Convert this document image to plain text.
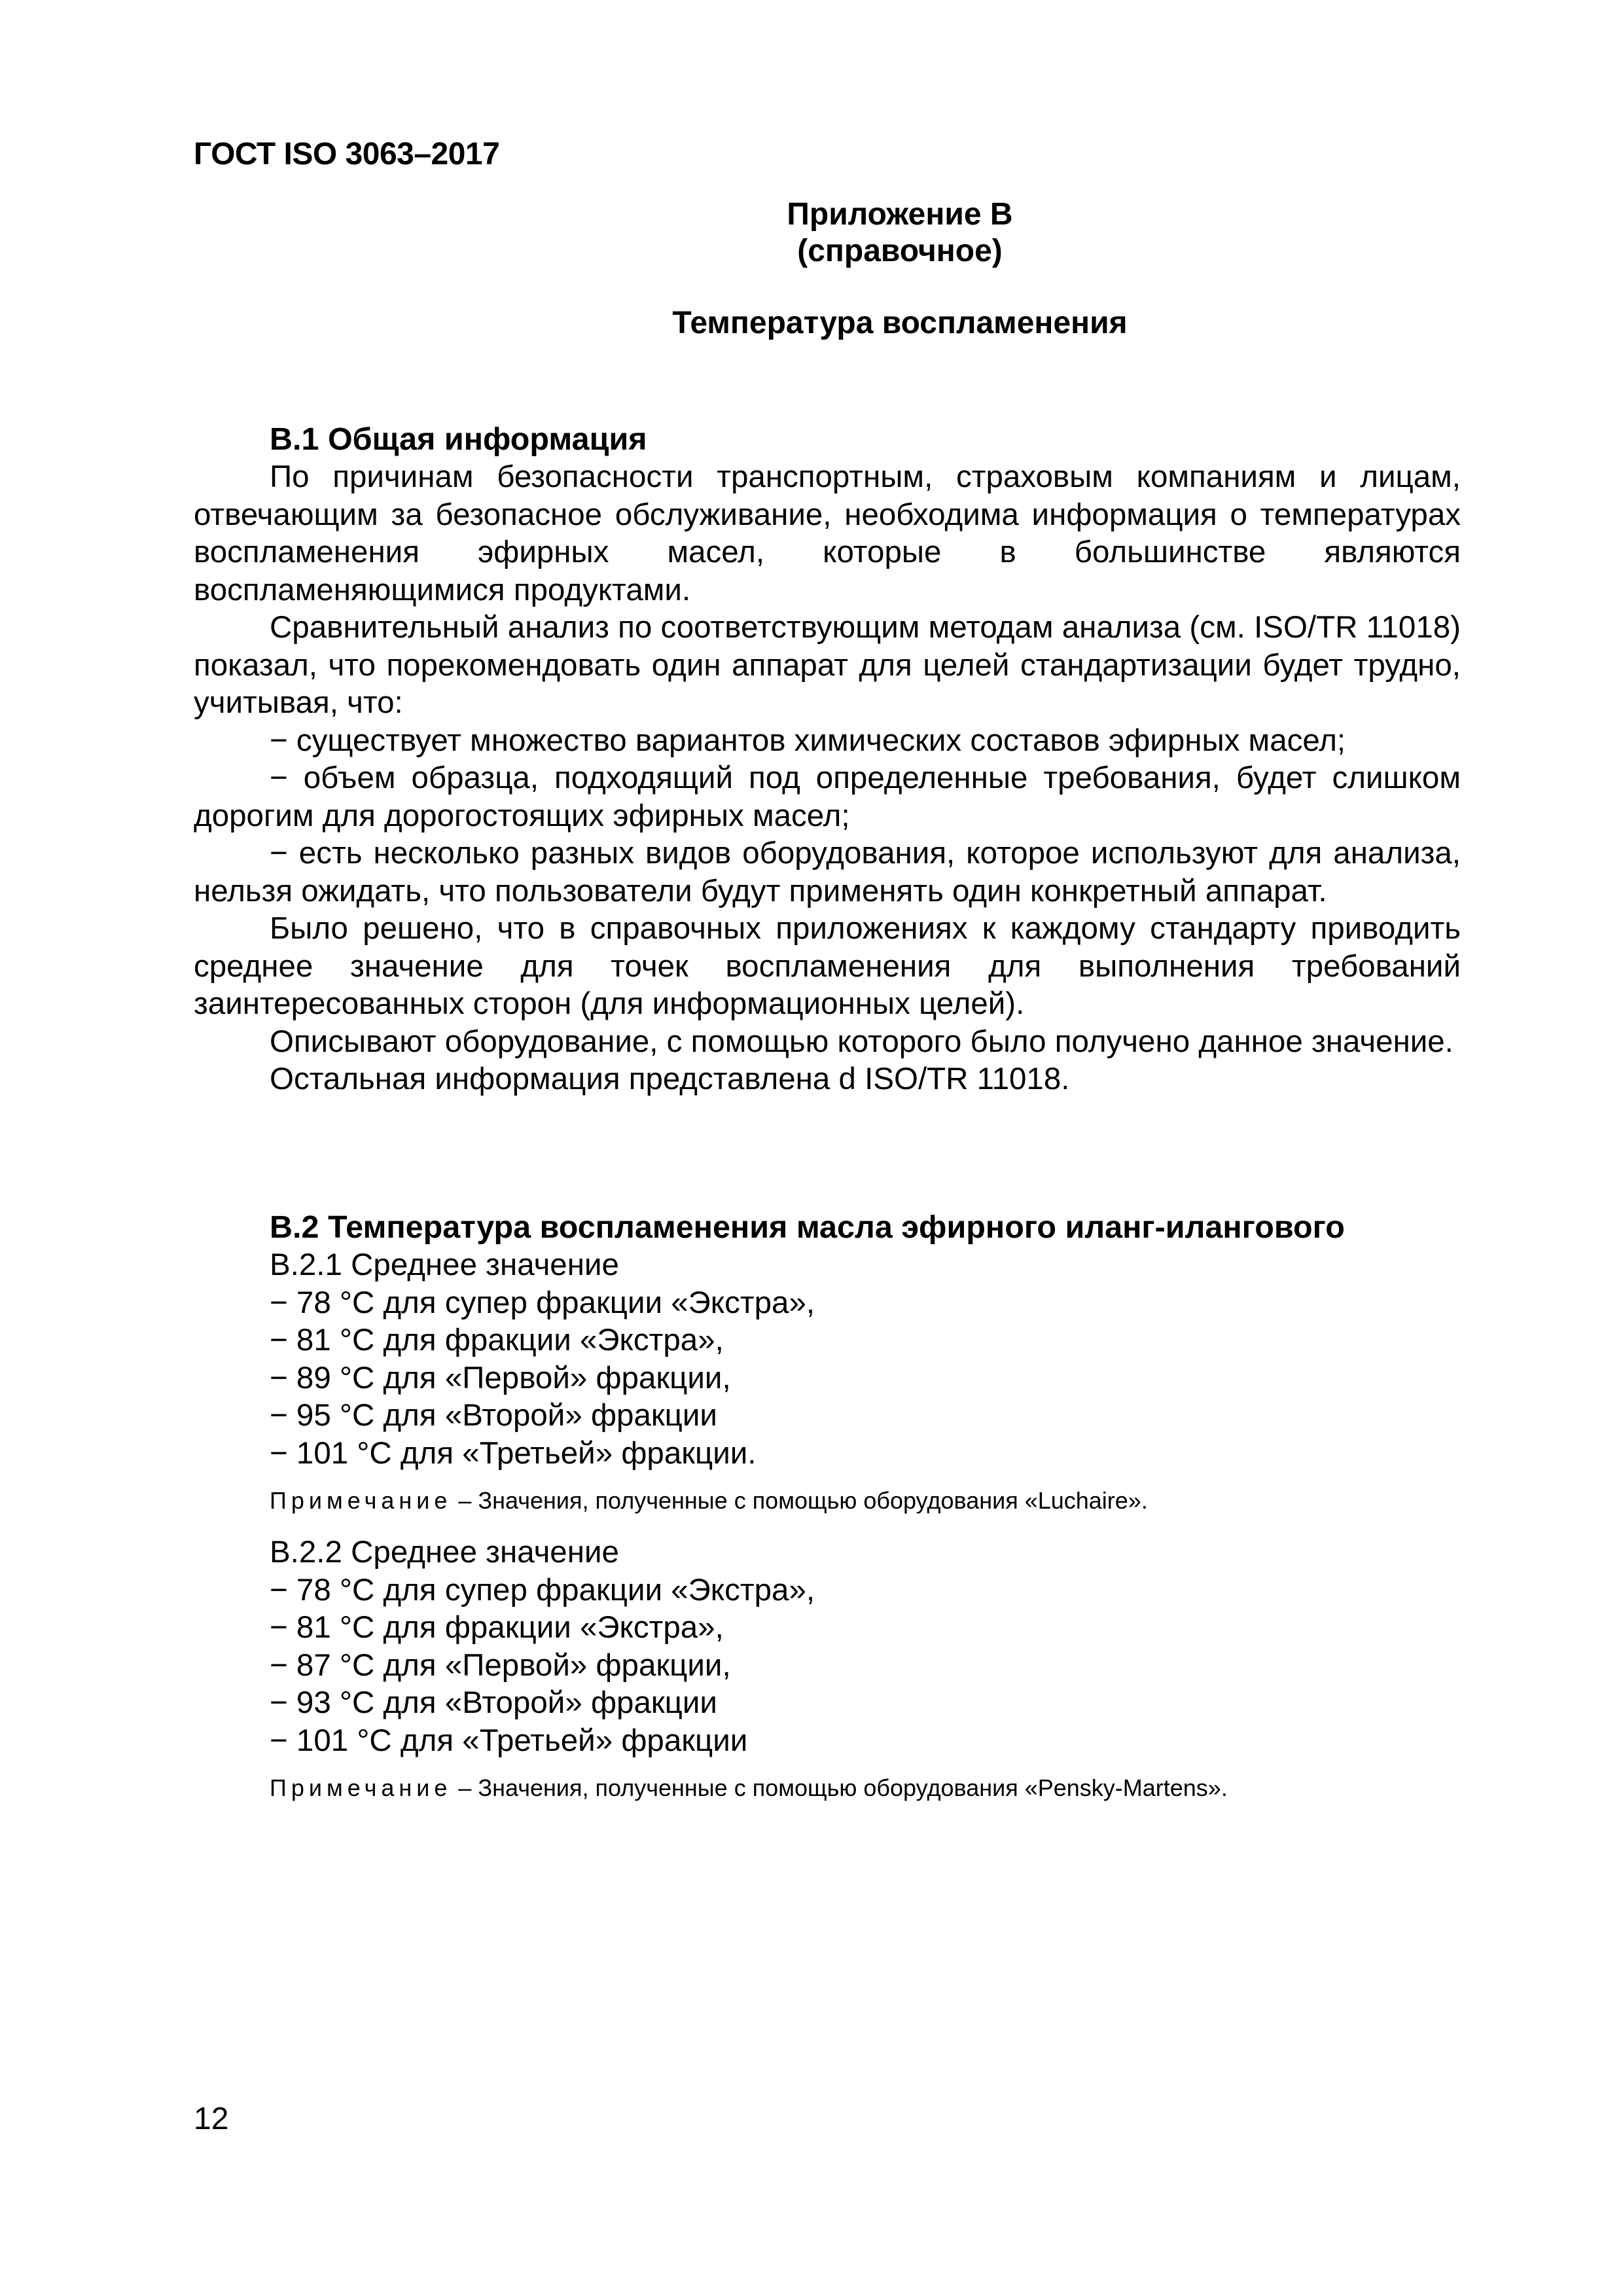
ГОСТ ISO 3063–2017
Приложение В
(справочное)
Температура воспламенения

В.1 Общая информация

По причинам безопасности транспортным, страховым компаниям и лицам, отвечающим за безопасное обслуживание, необходима информация о температурах воспламенения эфирных масел, которые в большинстве являются воспламеняющимися продуктами.

Сравнительный анализ по соответствующим методам анализа (см. ISO/TR 11018) показал, что порекомендовать один аппарат для целей стандартизации будет трудно, учитывая, что:

− существует множество вариантов химических составов эфирных масел;

− объем образца, подходящий под определенные требования, будет слишком дорогим для дорогостоящих эфирных масел;

− есть несколько разных видов оборудования, которое используют для анализа, нельзя ожидать, что пользователи будут применять один конкретный аппарат.

Было решено, что в справочных приложениях к каждому стандарту приводить среднее значение для точек воспламенения для выполнения требований заинтересованных сторон (для информационных целей).

Описывают оборудование, с помощью которого было получено данное значение.

Остальная информация представлена d ISO/TR 11018.

В.2 Температура воспламенения масла эфирного иланг-илангового

В.2.1 Среднее значение
− 78 °С для супер фракции «Экстра»,
− 81 °С для фракции «Экстра»,
− 89 °С для «Первой» фракции,
− 95 °С для «Второй» фракции
− 101 °С для «Третьей» фракции.

Примечание – Значения, полученные с помощью оборудования «Luchaire».

В.2.2 Среднее значение
− 78 °С для супер фракции «Экстра»,
− 81 °С для фракции «Экстра»,
− 87 °С для «Первой» фракции,
− 93 °С для «Второй» фракции
− 101 °С для «Третьей» фракции

Примечание – Значения, полученные с помощью оборудования «Pensky-Martens».

12
